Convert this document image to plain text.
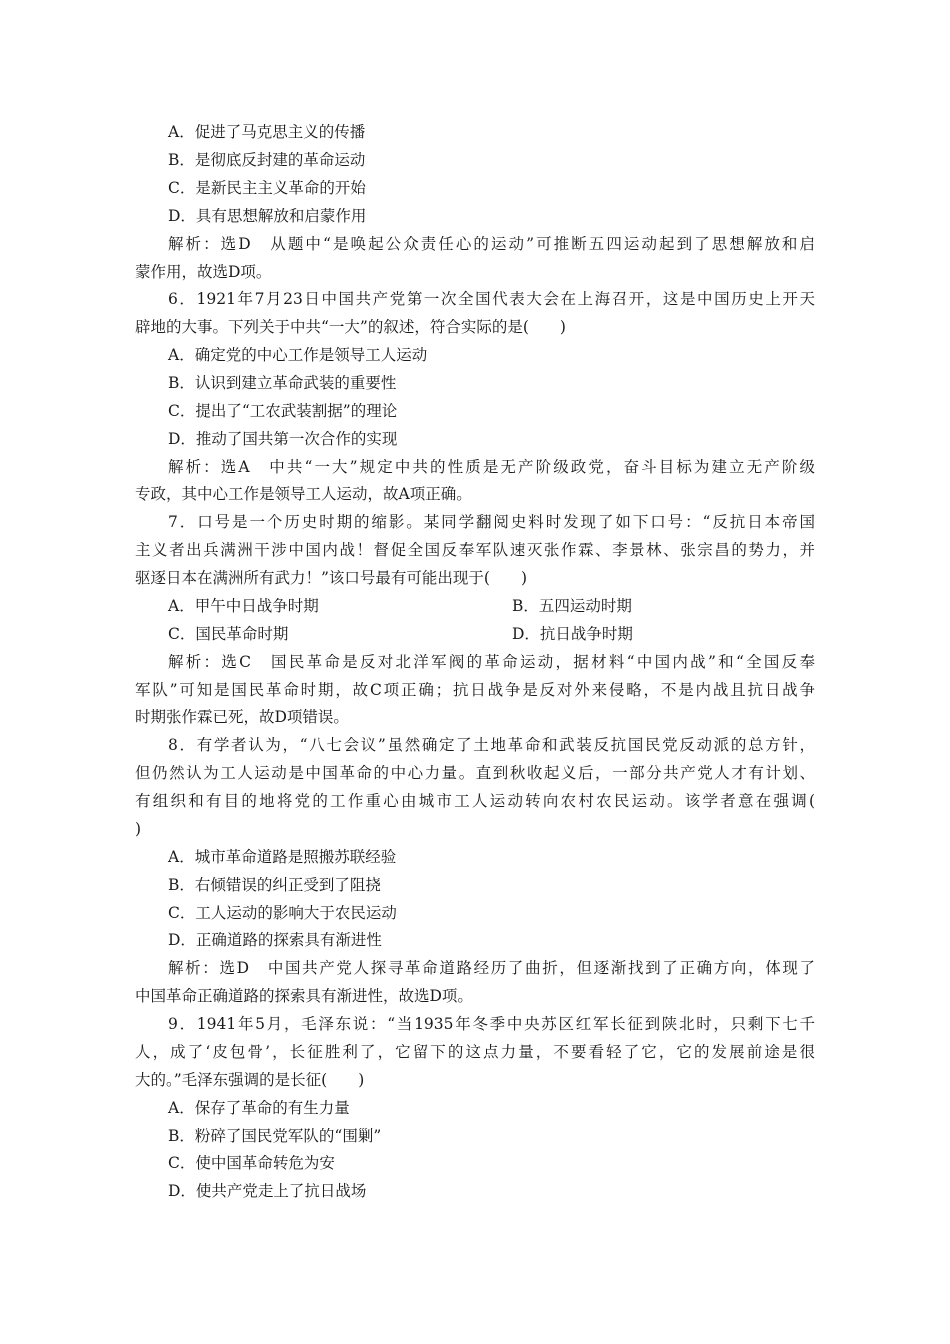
A．促进了马克思主义的传播
B．是彻底反封建的革命运动
C．是新民主主义革命的开始
D．具有思想解放和启蒙作用
解析：选D　从题中“是唤起公众责任心的运动”可推断五四运动起到了思想解放和启
蒙作用，故选D项。
6．1921年7月23日中国共产党第一次全国代表大会在上海召开，这是中国历史上开天
辟地的大事。下列关于中共“一大”的叙述，符合实际的是(　　)
A．确定党的中心工作是领导工人运动
B．认识到建立革命武装的重要性
C．提出了“工农武装割据”的理论
D．推动了国共第一次合作的实现
解析：选A　中共“一大”规定中共的性质是无产阶级政党，奋斗目标为建立无产阶级
专政，其中心工作是领导工人运动，故A项正确。
7．口号是一个历史时期的缩影。某同学翻阅史料时发现了如下口号：“反抗日本帝国
主义者出兵满洲干涉中国内战！督促全国反奉军队速灭张作霖、李景林、张宗昌的势力，并
驱逐日本在满洲所有武力！”该口号最有可能出现于(　　)
A．甲午中日战争时期	B．五四运动时期
C．国民革命时期	D．抗日战争时期
解析：选C　国民革命是反对北洋军阀的革命运动，据材料“中国内战”和“全国反奉
军队”可知是国民革命时期，故C项正确；抗日战争是反对外来侵略，不是内战且抗日战争
时期张作霖已死，故D项错误。
8．有学者认为，“八七会议”虽然确定了土地革命和武装反抗国民党反动派的总方针，
但仍然认为工人运动是中国革命的中心力量。直到秋收起义后，一部分共产党人才有计划、
有组织和有目的地将党的工作重心由城市工人运动转向农村农民运动。该学者意在强调(
)
A．城市革命道路是照搬苏联经验
B．右倾错误的纠正受到了阻挠
C．工人运动的影响大于农民运动
D．正确道路的探索具有渐进性
解析：选D　中国共产党人探寻革命道路经历了曲折，但逐渐找到了正确方向，体现了
中国革命正确道路的探索具有渐进性，故选D项。
9．1941年5月，毛泽东说：“当1935年冬季中央苏区红军长征到陕北时，只剩下七千
人，成了‘皮包骨’，长征胜利了，它留下的这点力量，不要看轻了它，它的发展前途是很
大的。”毛泽东强调的是长征(　　)
A．保存了革命的有生力量
B．粉碎了国民党军队的“围剿”
C．使中国革命转危为安
D．使共产党走上了抗日战场
